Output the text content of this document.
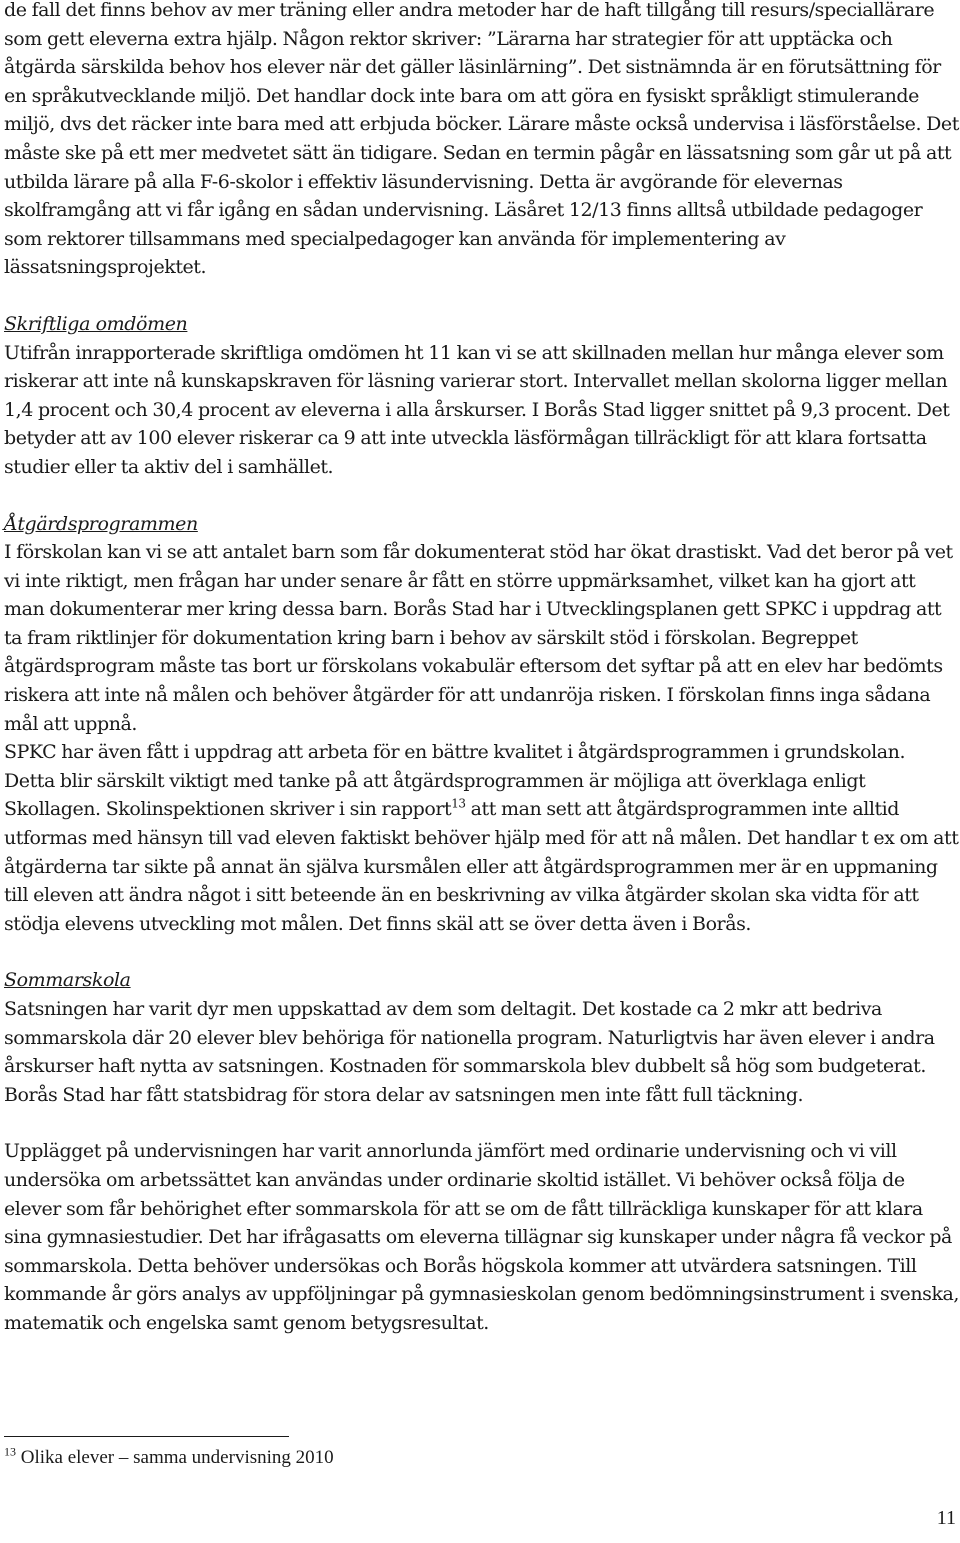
de fall det finns behov av mer träning eller andra metoder har de haft tillgång till resurs/speciallärare som gett eleverna extra hjälp. Någon rektor skriver: ”Lärarna har strategier för att upptäcka och åtgärda särskilda behov hos elever när det gäller läsinlärning”. Det sistnämnda är en förutsättning för en språkutvecklande miljö. Det handlar dock inte bara om att göra en fysiskt språkligt stimulerande miljö, dvs det räcker inte bara med att erbjuda böcker. Lärare måste också undervisa i läsförståelse. Det måste ske på ett mer medvetet sätt än tidigare. Sedan en termin pågår en lässatsning som går ut på att utbilda lärare på alla F-6-skolor i effektiv läsundervisning. Detta är avgörande för elevernas skolframgång att vi får igång en sådan undervisning. Läsåret 12/13 finns alltså utbildade pedagoger som rektorer tillsammans med specialpedagoger kan använda för implementering av lässatsningsprojektet.

Skriftliga omdömen

Utifrån inrapporterade skriftliga omdömen ht 11 kan vi se att skillnaden mellan hur många elever som riskerar att inte nå kunskapskraven för läsning varierar stort. Intervallet mellan skolorna ligger mellan 1,4 procent och 30,4 procent av eleverna i alla årskurser. I Borås Stad ligger snittet på 9,3 procent. Det betyder att av 100 elever riskerar ca 9 att inte utveckla läsförmågan tillräckligt för att klara fortsatta studier eller ta aktiv del i samhället.

Åtgärdsprogrammen

I förskolan kan vi se att antalet barn som får dokumenterat stöd har ökat drastiskt. Vad det beror på vet vi inte riktigt, men frågan har under senare år fått en större uppmärksamhet, vilket kan ha gjort att man dokumenterar mer kring dessa barn. Borås Stad har i Utvecklingsplanen gett SPKC i uppdrag att ta fram riktlinjer för dokumentation kring barn i behov av särskilt stöd i förskolan. Begreppet åtgärdsprogram måste tas bort ur förskolans vokabulär eftersom det syftar på att en elev har bedömts riskera att inte nå målen och behöver åtgärder för att undanröja risken. I förskolan finns inga sådana mål att uppnå.

SPKC har även fått i uppdrag att arbeta för en bättre kvalitet i åtgärdsprogrammen i grundskolan. Detta blir särskilt viktigt med tanke på att åtgärdsprogrammen är möjliga att överklaga enligt Skollagen. Skolinspektionen skriver i sin rapport$^{13}$ att man sett att åtgärdsprogrammen inte alltid utformas med hänsyn till vad eleven faktiskt behöver hjälp med för att nå målen. Det handlar t ex om att åtgärderna tar sikte på annat än själva kursmålen eller att åtgärdsprogrammen mer är en uppmaning till eleven att ändra något i sitt beteende än en beskrivning av vilka åtgärder skolan ska vidta för att stödja elevens utveckling mot målen. Det finns skäl att se över detta även i Borås.

Sommarskola

Satsningen har varit dyr men uppskattad av dem som deltagit. Det kostade ca 2 mkr att bedriva sommarskola där 20 elever blev behöriga för nationella program. Naturligtvis har även elever i andra årskurser haft nytta av satsningen. Kostnaden för sommarskola blev dubbelt så hög som budgeterat. Borås Stad har fått statsbidrag för stora delar av satsningen men inte fått full täckning.

Upplägget på undervisningen har varit annorlunda jämfört med ordinarie undervisning och vi vill undersöka om arbetssättet kan användas under ordinarie skoltid istället. Vi behöver också följa de elever som får behörighet efter sommarskola för att se om de fått tillräckliga kunskaper för att klara sina gymnasiestudier. Det har ifrågasatts om eleverna tillägnar sig kunskaper under några få veckor på sommarskola. Detta behöver undersökas och Borås högskola kommer att utvärdera satsningen. Till kommande år görs analys av uppföljningar på gymnasieskolan genom bedömningsinstrument i svenska, matematik och engelska samt genom betygsresultat.

$^{13}$ Olika elever – samma undervisning 2010
11
